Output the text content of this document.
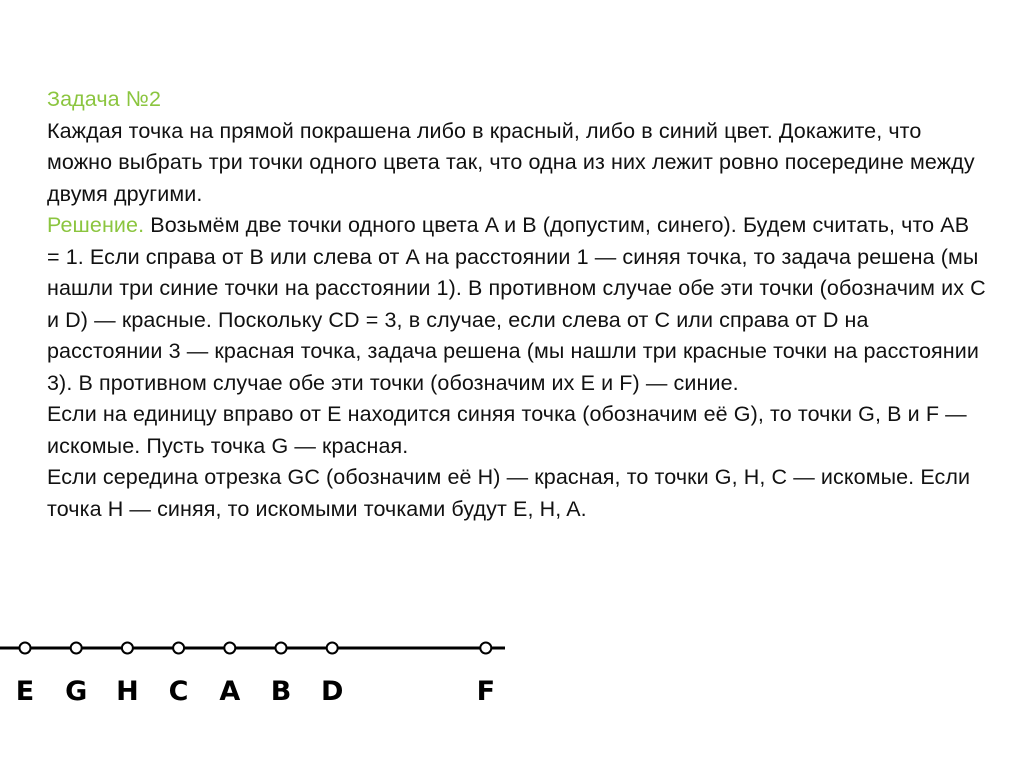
Задача №2

Каждая точка на прямой покрашена либо в красный, либо в синий цвет. Докажите, что можно выбрать три точки одного цвета так, что одна из них лежит ровно посередине между двумя другими.

Решение. Возьмём две точки одного цвета A и B (допустим, синего). Будем считать, что AB = 1. Если справа от B или слева от A на расстоянии 1 — синяя точка, то задача решена (мы нашли три синие точки на расстоянии 1). В противном случае обе эти точки (обозначим их C и D) — красные. Поскольку CD = 3, в случае, если слева от C или справа от D на расстоянии 3 — красная точка, задача решена (мы нашли три красные точки на расстоянии 3). В противном случае обе эти точки (обозначим их E и F) — синие.

Если на единицу вправо от E находится синяя точка (обозначим её G), то точки G, B и F — искомые. Пусть точка G — красная.

Если середина отрезка GC (обозначим её H) — красная, то точки G, H, C — искомые. Если точка H — синяя, то искомыми точками будут E, H, A.

E G H C A B D	F
